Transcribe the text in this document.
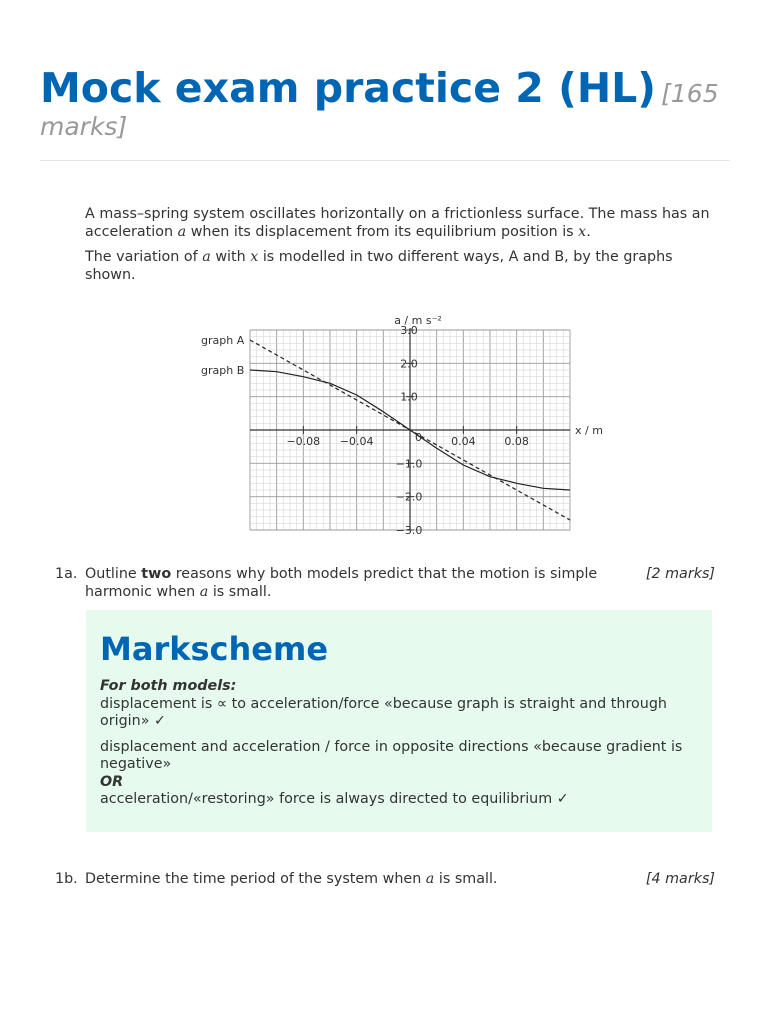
Mock exam practice 2 (HL) [165 marks]

A mass–spring system oscillates horizontally on a frictionless surface. The mass has an acceleration a when its displacement from its equilibrium position is x.

The variation of a with x is modelled in two different ways, A and B, by the graphs shown.

−0.08 −0.04	0.04	0.08
3.0
2.0
1.0
−1.0
−2.0
−3.0
0
a / m s⁻²
x / m
graph A
graph B
1a. Outline two reasons why both models predict that the motion is simple harmonic when a is small.
[2 marks]
Markscheme

For both models:
displacement is ∝ to acceleration/force «because graph is straight and through origin» ✓

displacement and acceleration / force in opposite directions «because gradient is negative»
OR
acceleration/«restoring» force is always directed to equilibrium ✓

1b. Determine the time period of the system when a is small.	[4 marks]
